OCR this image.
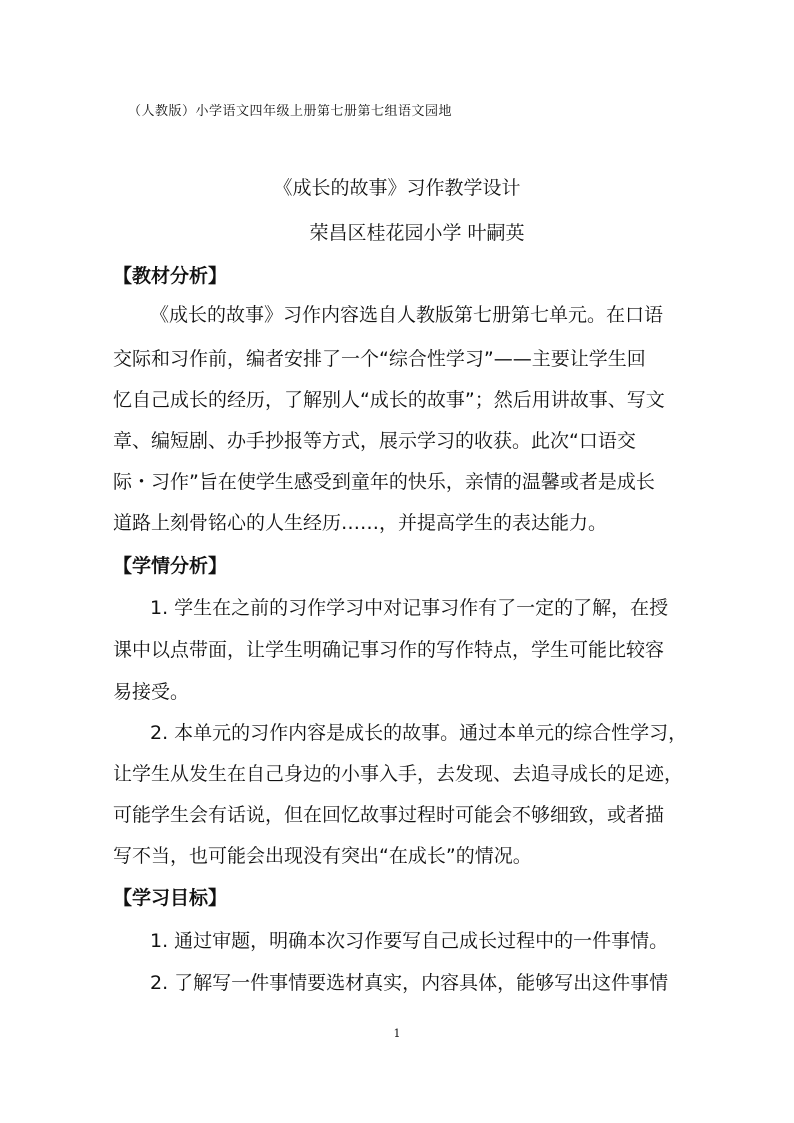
（人教版）小学语文四年级上册第七册第七组语文园地
《成长的故事》习作教学设计
荣昌区桂花园小学 叶嗣英
【教材分析】
《成长的故事》习作内容选自人教版第七册第七单元。在口语
交际和习作前，编者安排了一个“综合性学习”——主要让学生回
忆自己成长的经历，了解别人“成长的故事”；然后用讲故事、写文
章、编短剧、办手抄报等方式，展示学习的收获。此次“口语交
际・习作”旨在使学生感受到童年的快乐，亲情的温馨或者是成长
道路上刻骨铭心的人生经历……，并提高学生的表达能力。
【学情分析】
1. 学生在之前的习作学习中对记事习作有了一定的了解，在授
课中以点带面，让学生明确记事习作的写作特点，学生可能比较容
易接受。
2. 本单元的习作内容是成长的故事。通过本单元的综合性学习，
让学生从发生在自己身边的小事入手，去发现、去追寻成长的足迹，
可能学生会有话说，但在回忆故事过程时可能会不够细致，或者描
写不当，也可能会出现没有突出“在成长”的情况。
【学习目标】
1. 通过审题，明确本次习作要写自己成长过程中的一件事情。
2. 了解写一件事情要选材真实，内容具体，能够写出这件事情
1
